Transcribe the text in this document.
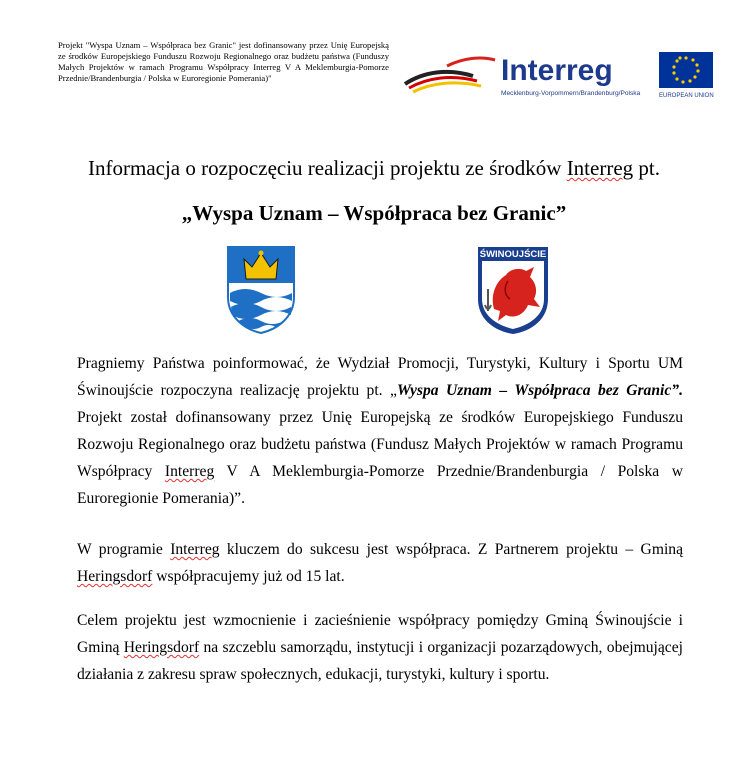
Projekt "Wyspa Uznam – Współpraca bez Granic" jest dofinansowany przez Unię Europejską ze środków Europejskiego Funduszu Rozwoju Regionalnego oraz budżetu państwa (Funduszy Małych Projektów w ramach Programu Współpracy Interreg V A Meklemburgia-Pomorze Przednie/Brandenburgia / Polska w Euroregionie Pomerania)"	Interreg
Mecklenburg-Vorpommern/Brandenburg/Polska	EUROPEAN UNION
Informacja o rozpoczęciu realizacji projektu ze środków Interreg pt.
„Wyspa Uznam – Współpraca bez Granic”
ŚWINOUJŚCIE

Pragniemy Państwa poinformować, że Wydział Promocji, Turystyki, Kultury i Sportu UM Świnoujście rozpoczyna realizację projektu pt. „Wyspa Uznam – Współpraca bez Granic”. Projekt został dofinansowany przez Unię Europejską ze środków Europejskiego Funduszu Rozwoju Regionalnego oraz budżetu państwa (Fundusz Małych Projektów w ramach Programu Współpracy Interreg V A Meklemburgia-Pomorze Przednie/Brandenburgia / Polska w Euroregionie Pomerania)”.

W programie Interreg kluczem do sukcesu jest współpraca. Z Partnerem projektu – Gminą Heringsdorf współpracujemy już od 15 lat.

Celem projektu jest wzmocnienie i zacieśnienie współpracy pomiędzy Gminą Świnoujście i Gminą Heringsdorf na szczeblu samorządu, instytucji i organizacji pozarządowych, obejmującej działania z zakresu spraw społecznych, edukacji, turystyki, kultury i sportu.
